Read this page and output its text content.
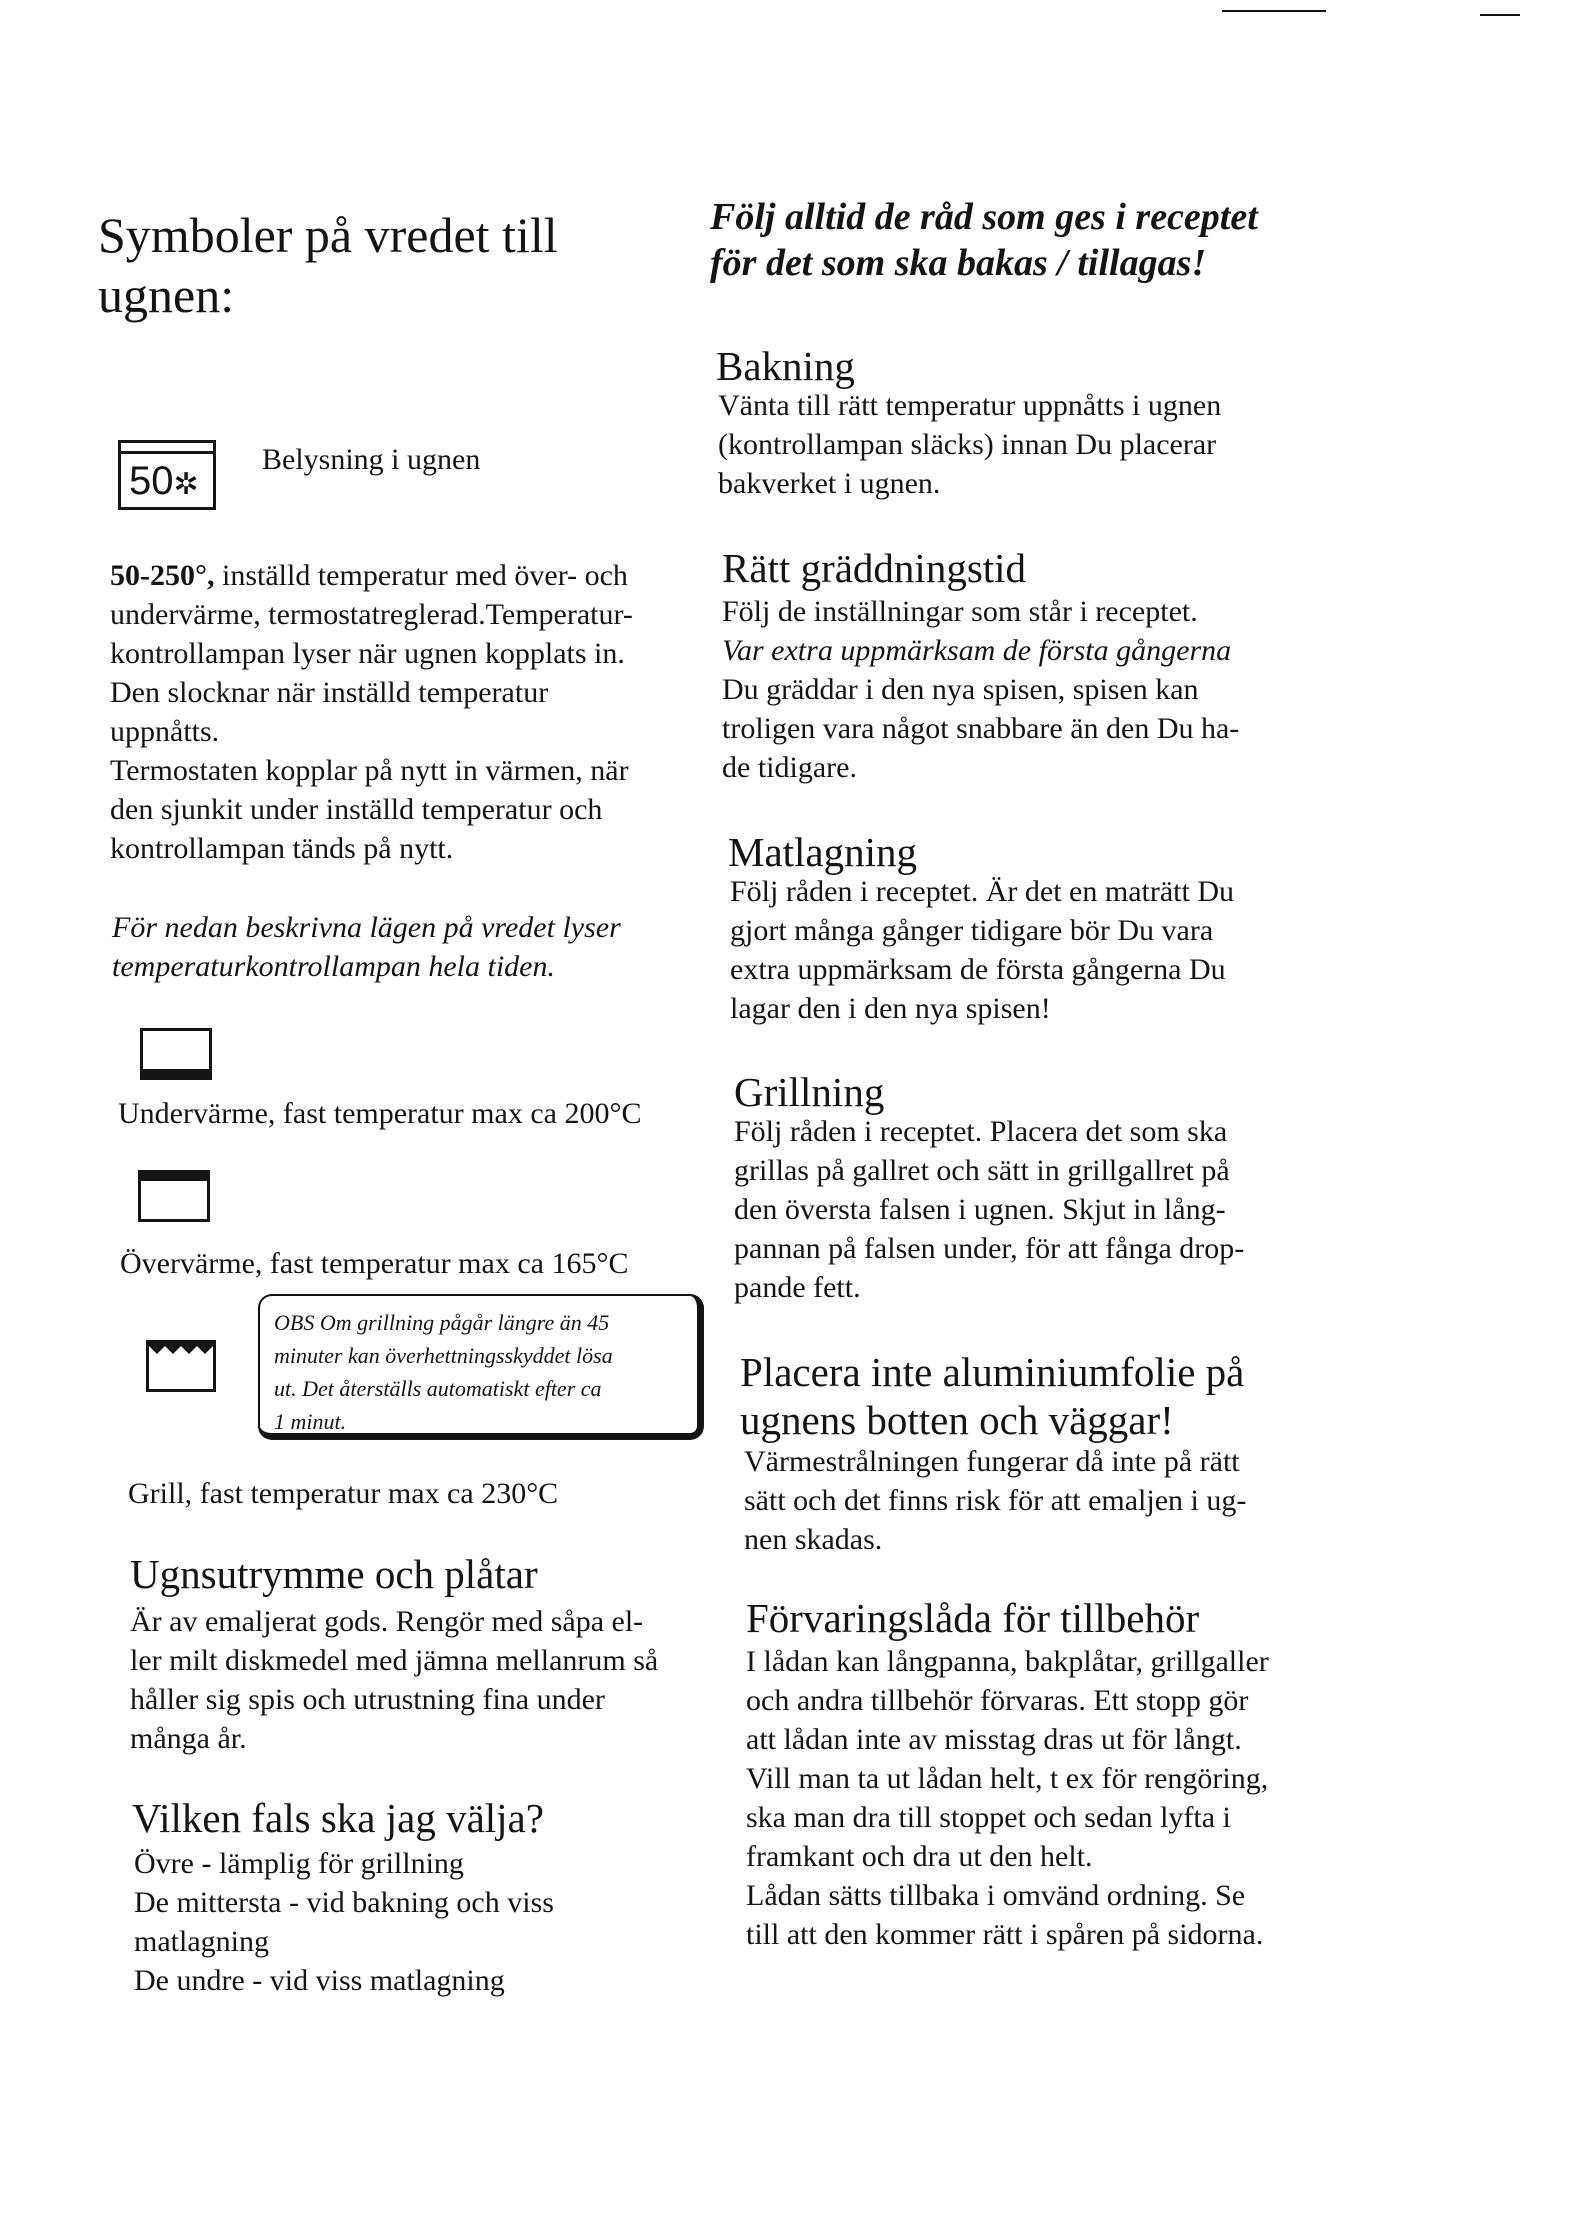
Symboler på vredet till
ugnen:
50✲
Belysning i ugnen
50-250°, inställd temperatur med över- och
undervärme, termostatreglerad.Temperatur-
kontrollampan lyser när ugnen kopplats in.
Den slocknar när inställd temperatur
uppnåtts.
Termostaten kopplar på nytt in värmen, när
den sjunkit under inställd temperatur och
kontrollampan tänds på nytt.
För nedan beskrivna lägen på vredet lyser
temperaturkontrollampan hela tiden.
Undervärme, fast temperatur max ca 200°C
Övervärme, fast temperatur max ca 165°C
OBS Om grillning pågår längre än 45
minuter kan överhettningsskyddet lösa
ut. Det återställs automatiskt efter ca
1 minut.
Grill, fast temperatur max ca 230°C
Ugnsutrymme och plåtar
Är av emaljerat gods. Rengör med såpa el-
ler milt diskmedel med jämna mellanrum så
håller sig spis och utrustning fina under
många år.
Vilken fals ska jag välja?
Övre - lämplig för grillning
De mittersta - vid bakning och viss
matlagning
De undre - vid viss matlagning
Följ alltid de råd som ges i receptet
för det som ska bakas / tillagas!
Bakning
Vänta till rätt temperatur uppnåtts i ugnen
(kontrollampan släcks) innan Du placerar
bakverket i ugnen.
Rätt gräddningstid
Följ de inställningar som står i receptet.
Var extra uppmärksam de första gångerna
Du gräddar i den nya spisen, spisen kan
troligen vara något snabbare än den Du ha-
de tidigare.
Matlagning
Följ råden i receptet. Är det en maträtt Du
gjort många gånger tidigare bör Du vara
extra uppmärksam de första gångerna Du
lagar den i den nya spisen!
Grillning
Följ råden i receptet. Placera det som ska
grillas på gallret och sätt in grillgallret på
den översta falsen i ugnen. Skjut in lång-
pannan på falsen under, för att fånga drop-
pande fett.
Placera inte aluminiumfolie på
ugnens botten och väggar!
Värmestrålningen fungerar då inte på rätt
sätt och det finns risk för att emaljen i ug-
nen skadas.
Förvaringslåda för tillbehör
I lådan kan långpanna, bakplåtar, grillgaller
och andra tillbehör förvaras. Ett stopp gör
att lådan inte av misstag dras ut för långt.
Vill man ta ut lådan helt, t ex för rengöring,
ska man dra till stoppet och sedan lyfta i
framkant och dra ut den helt.
Lådan sätts tillbaka i omvänd ordning. Se
till att den kommer rätt i spåren på sidorna.
